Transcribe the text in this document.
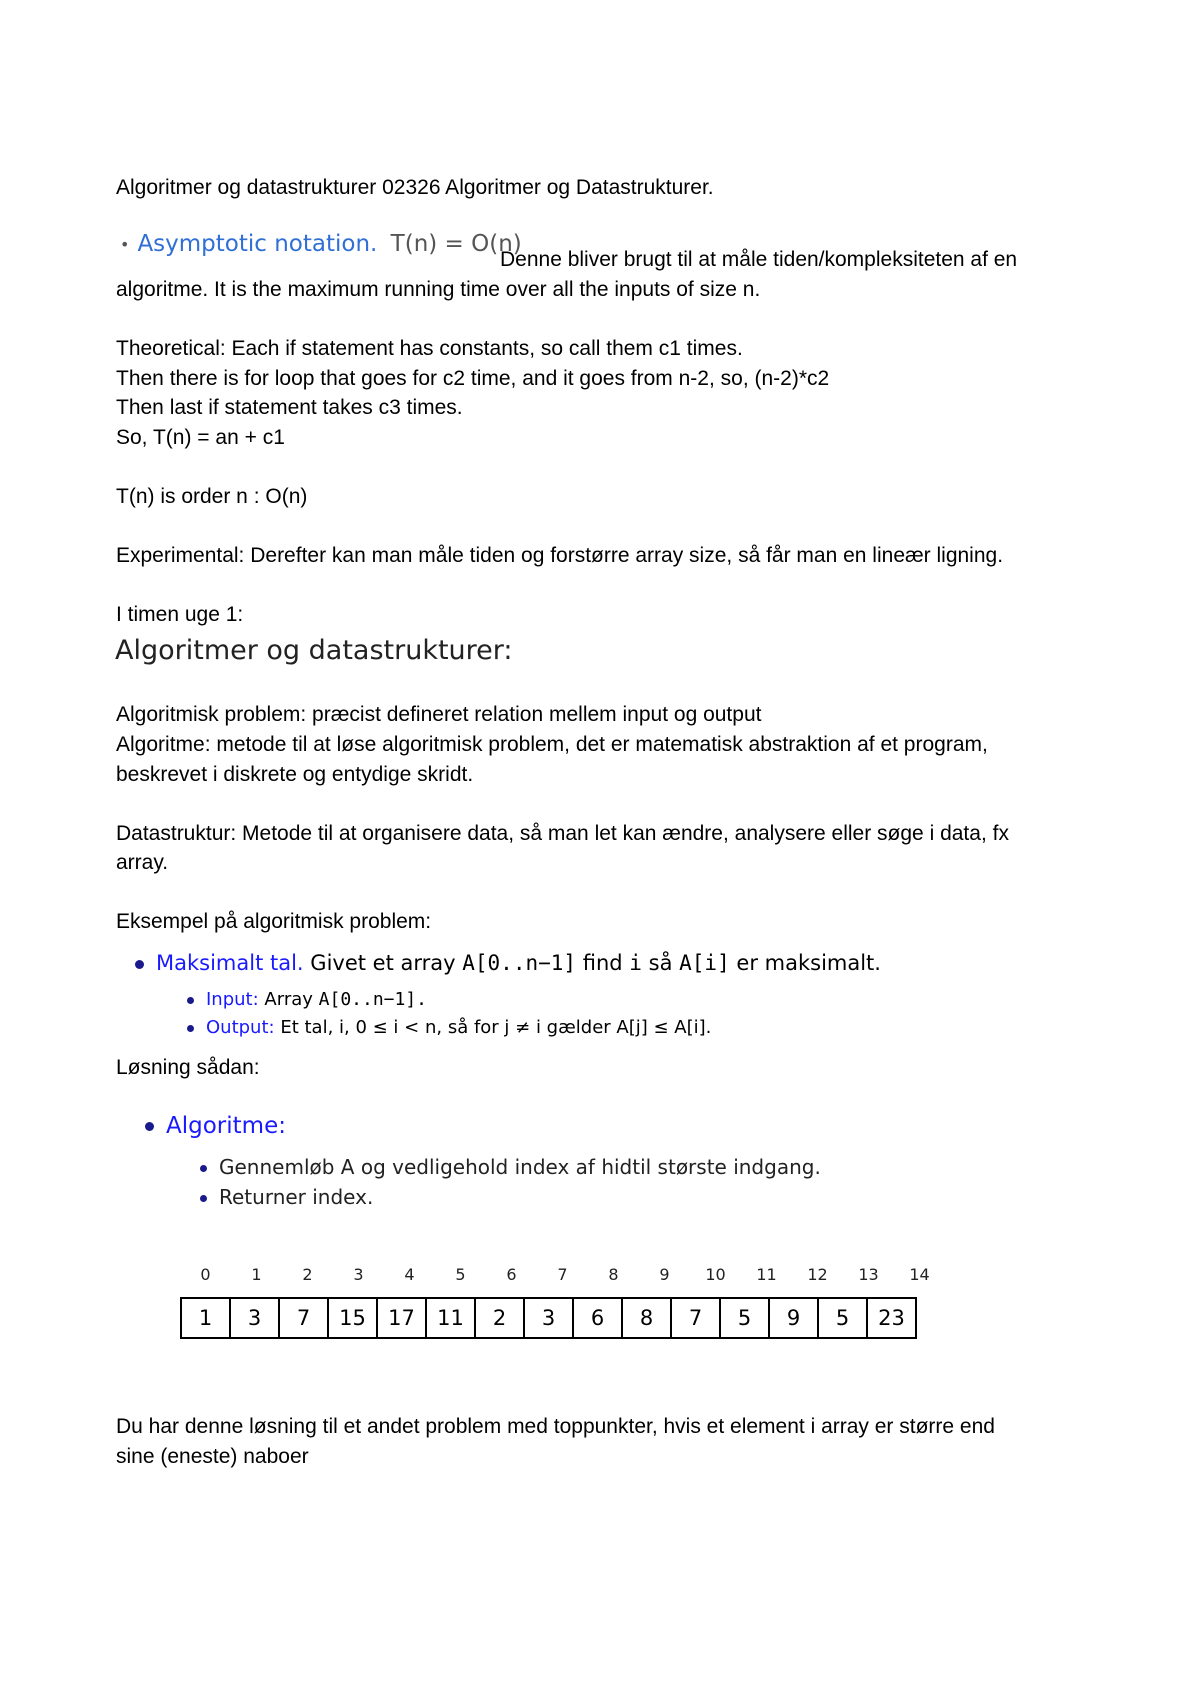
Algoritmer og datastrukturer 02326 Algoritmer og Datastrukturer.
• Asymptotic notation. T(n) = O(n)
Denne bliver brugt til at måle tiden/kompleksiteten af en
algoritme. It is the maximum running time over all the inputs of size n.
Theoretical: Each if statement has constants, so call them c1 times.
Then there is for loop that goes for c2 time, and it goes from n-2, so, (n-2)*c2
Then last if statement takes c3 times.
So, T(n) = an + c1
T(n) is order n : O(n)
Experimental: Derefter kan man måle tiden og forstørre array size, så får man en lineær ligning.
I timen uge 1:
Algoritmer og datastrukturer:
Algoritmisk problem: præcist defineret relation mellem input og output
Algoritme: metode til at løse algoritmisk problem, det er matematisk abstraktion af et program,
beskrevet i diskrete og entydige skridt.
Datastruktur: Metode til at organisere data, så man let kan ændre, analysere eller søge i data, fx
array.
Eksempel på algoritmisk problem:
Maksimalt tal. Givet et array A[0..n−1] find i så A[i] er maksimalt.
Input: Array A[0..n−1].
Output: Et tal, i, 0 ≤ i < n, så for j ≠ i gælder A[j] ≤ A[i].
Løsning sådan:
Algoritme:
Gennemløb A og vedligehold index af hidtil største indgang.
Returner index.
0	1	2	3	4	5	6	7	8	9	10	11	12	13	14
1	3	7	15	17	11	2	3	6	8	7	5	9	5	23
Du har denne løsning til et andet problem med toppunkter, hvis et element i array er større end
sine (eneste) naboer
